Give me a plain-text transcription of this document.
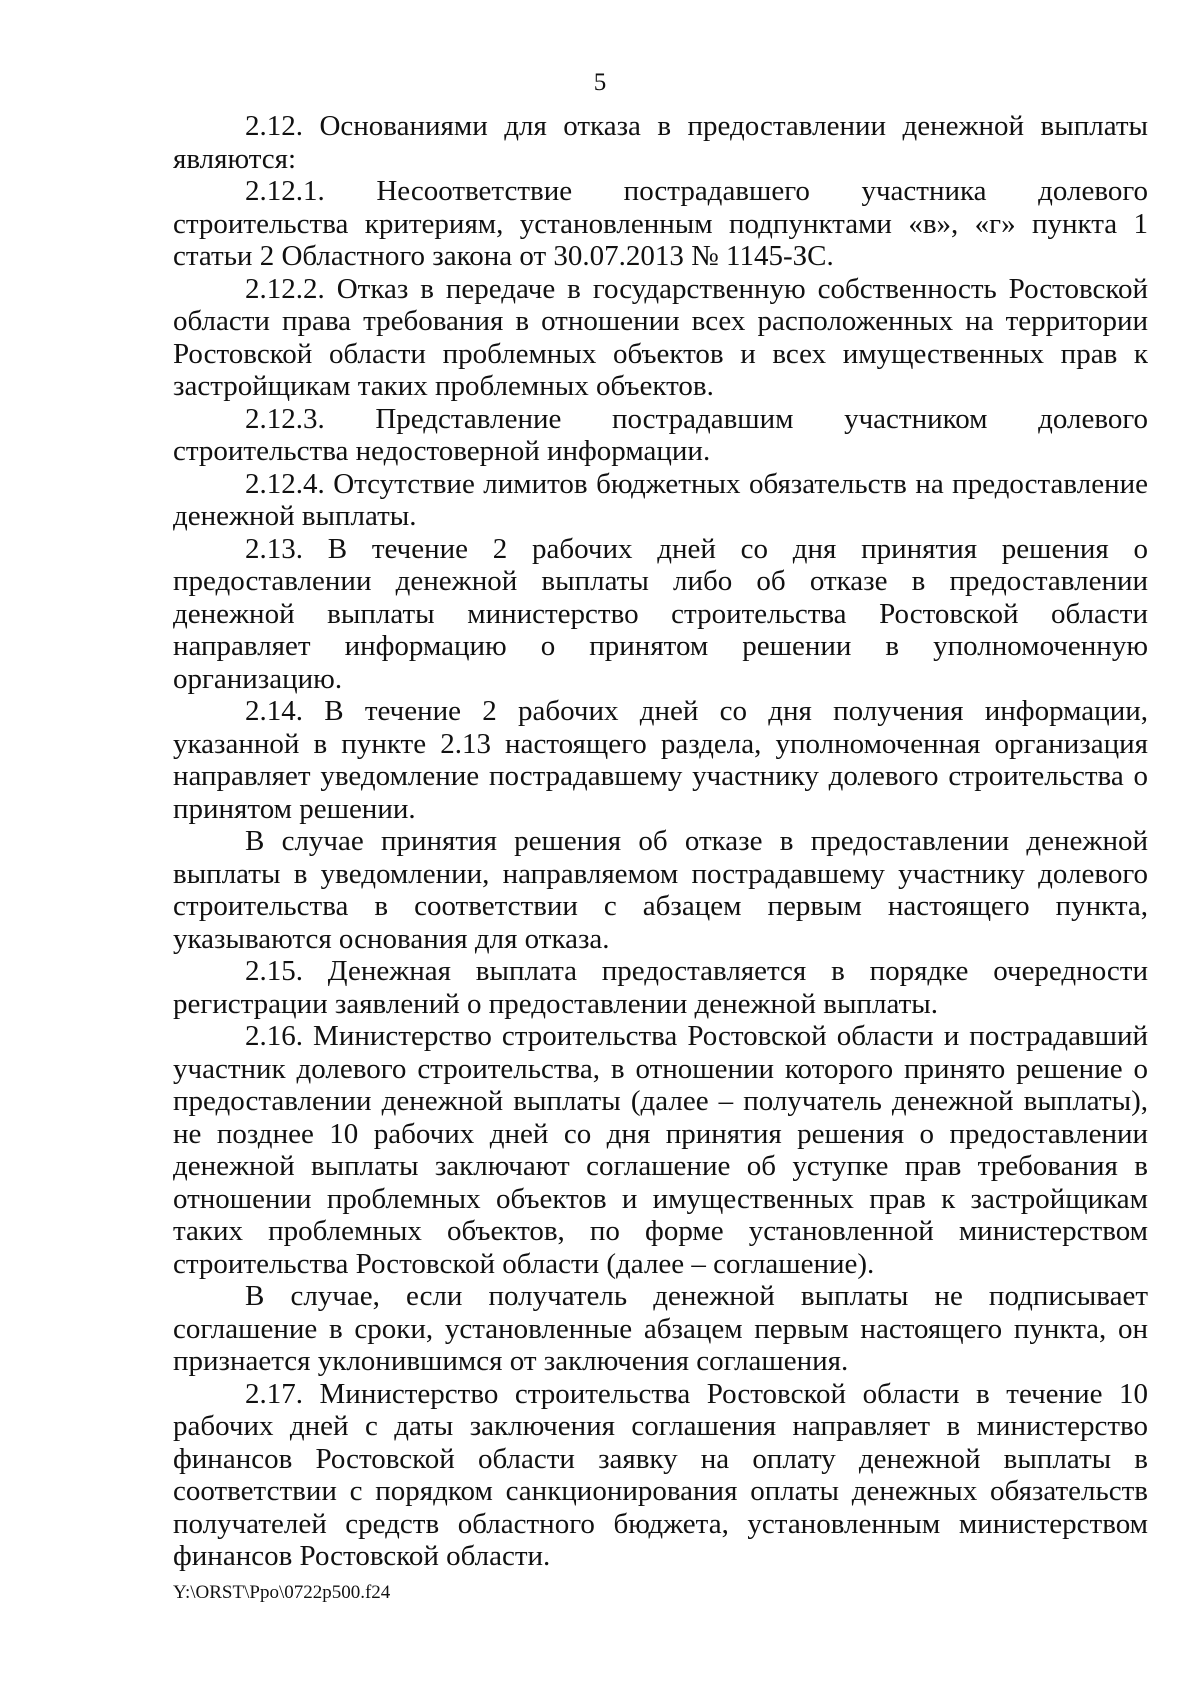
5

2.12. Основаниями для отказа в предоставлении денежной выплаты являются:

2.12.1. Несоответствие пострадавшего участника долевого строительства критериям, установленным подпунктами «в», «г» пункта 1 статьи 2 Областного закона от 30.07.2013 № 1145-ЗС.

2.12.2. Отказ в передаче в государственную собственность Ростовской области права требования в отношении всех расположенных на территории Ростовской области проблемных объектов и всех имущественных прав к застройщикам таких проблемных объектов.

2.12.3. Представление пострадавшим участником долевого строительства недостоверной информации.

2.12.4. Отсутствие лимитов бюджетных обязательств на предоставление денежной выплаты.

2.13. В течение 2 рабочих дней со дня принятия решения о предоставлении денежной выплаты либо об отказе в предоставлении денежной выплаты министерство строительства Ростовской области направляет информацию о принятом решении в уполномоченную организацию.

2.14. В течение 2 рабочих дней со дня получения информации, указанной в пункте 2.13 настоящего раздела, уполномоченная организация направляет уведомление пострадавшему участнику долевого строительства о принятом решении.

В случае принятия решения об отказе в предоставлении денежной выплаты в уведомлении, направляемом пострадавшему участнику долевого строительства в соответствии с абзацем первым настоящего пункта, указываются основания для отказа.

2.15. Денежная выплата предоставляется в порядке очередности регистрации заявлений о предоставлении денежной выплаты.

2.16. Министерство строительства Ростовской области и пострадавший участник долевого строительства, в отношении которого принято решение о предоставлении денежной выплаты (далее – получатель денежной выплаты), не позднее 10 рабочих дней со дня принятия решения о предоставлении денежной выплаты заключают соглашение об уступке прав требования в отношении проблемных объектов и имущественных прав к застройщикам таких проблемных объектов, по форме установленной министерством строительства Ростовской области (далее – соглашение).

В случае, если получатель денежной выплаты не подписывает соглашение в сроки, установленные абзацем первым настоящего пункта, он признается уклонившимся от заключения соглашения.

2.17. Министерство строительства Ростовской области в течение 10 рабочих дней с даты заключения соглашения направляет в министерство финансов Ростовской области заявку на оплату денежной выплаты в соответствии с порядком санкционирования оплаты денежных обязательств получателей средств областного бюджета, установленным министерством финансов Ростовской области.

Y:\ORST\Ppo\0722p500.f24
